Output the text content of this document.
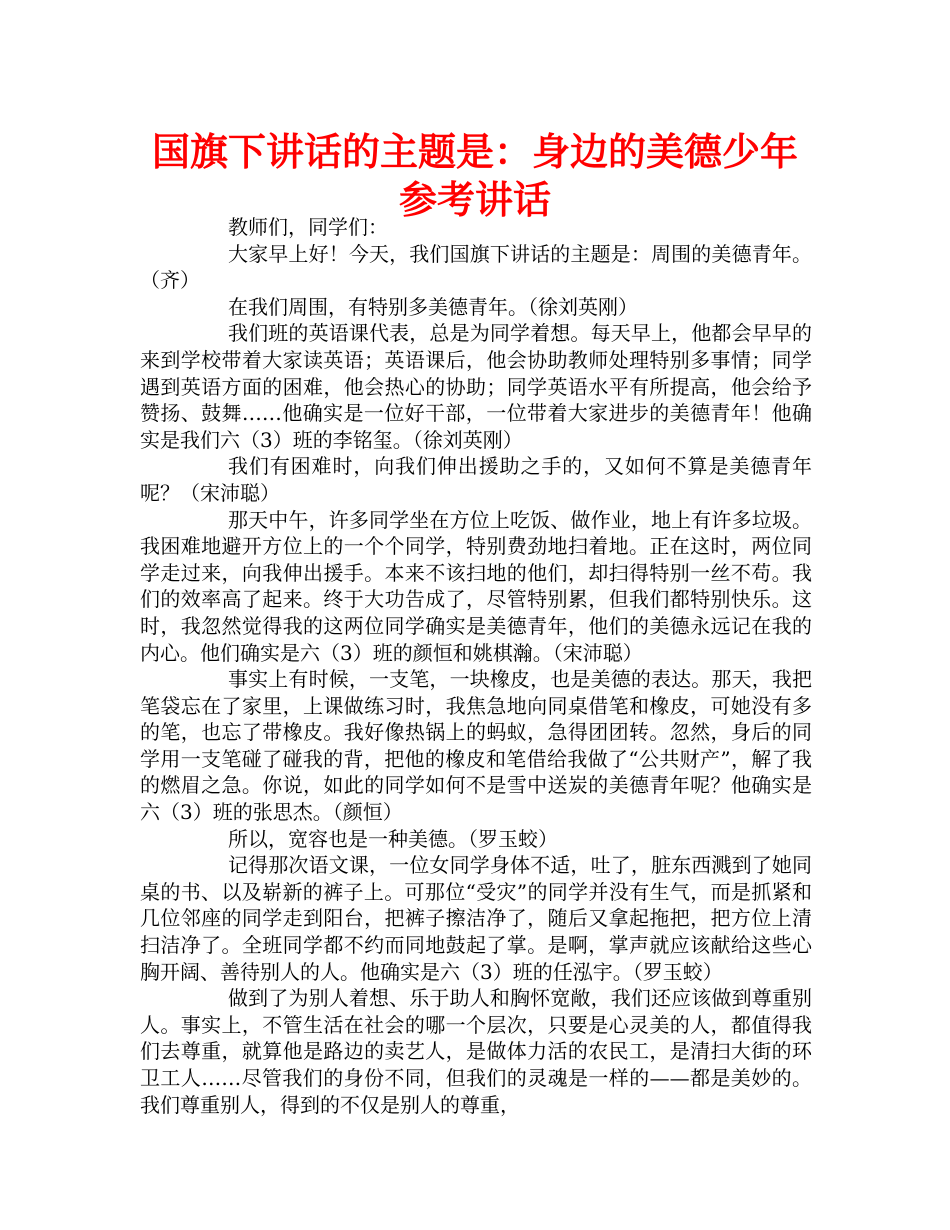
国旗下讲话的主题是：身边的美德少年参考讲话

教师们，同学们：

大家早上好！今天，我们国旗下讲话的主题是：周围的美德青年。（齐）

在我们周围，有特别多美德青年。（徐刘英刚）

我们班的英语课代表，总是为同学着想。每天早上，他都会早早的来到学校带着大家读英语；英语课后，他会协助教师处理特别多事情；同学遇到英语方面的困难，他会热心的协助；同学英语水平有所提高，他会给予赞扬、鼓舞……他确实是一位好干部，一位带着大家进步的美德青年！他确实是我们六（3）班的李铭玺。（徐刘英刚）

我们有困难时，向我们伸出援助之手的，又如何不算是美德青年呢？（宋沛聪）

那天中午，许多同学坐在方位上吃饭、做作业，地上有许多垃圾。我困难地避开方位上的一个个同学，特别费劲地扫着地。正在这时，两位同学走过来，向我伸出援手。本来不该扫地的他们，却扫得特别一丝不苟。我们的效率高了起来。终于大功告成了，尽管特别累，但我们都特别快乐。这时，我忽然觉得我的这两位同学确实是美德青年，他们的美德永远记在我的内心。他们确实是六（3）班的颜恒和姚棋瀚。（宋沛聪）

事实上有时候，一支笔，一块橡皮，也是美德的表达。那天，我把笔袋忘在了家里，上课做练习时，我焦急地向同桌借笔和橡皮，可她没有多的笔，也忘了带橡皮。我好像热锅上的蚂蚁，急得团团转。忽然，身后的同学用一支笔碰了碰我的背，把他的橡皮和笔借给我做了“公共财产”，解了我的燃眉之急。你说，如此的同学如何不是雪中送炭的美德青年呢？他确实是六（3）班的张思杰。（颜恒）

所以，宽容也是一种美德。（罗玉蛟）

记得那次语文课，一位女同学身体不适，吐了，脏东西溅到了她同桌的书、以及崭新的裤子上。可那位“受灾”的同学并没有生气，而是抓紧和几位邻座的同学走到阳台，把裤子擦洁净了，随后又拿起拖把，把方位上清扫洁净了。全班同学都不约而同地鼓起了掌。是啊，掌声就应该献给这些心胸开阔、善待别人的人。他确实是六（3）班的任泓宇。（罗玉蛟）

做到了为别人着想、乐于助人和胸怀宽敞，我们还应该做到尊重别人。事实上，不管生活在社会的哪一个层次，只要是心灵美的人，都值得我们去尊重，就算他是路边的卖艺人，是做体力活的农民工，是清扫大街的环卫工人……尽管我们的身份不同，但我们的灵魂是一样的——都是美妙的。我们尊重别人，得到的不仅是别人的尊重，
